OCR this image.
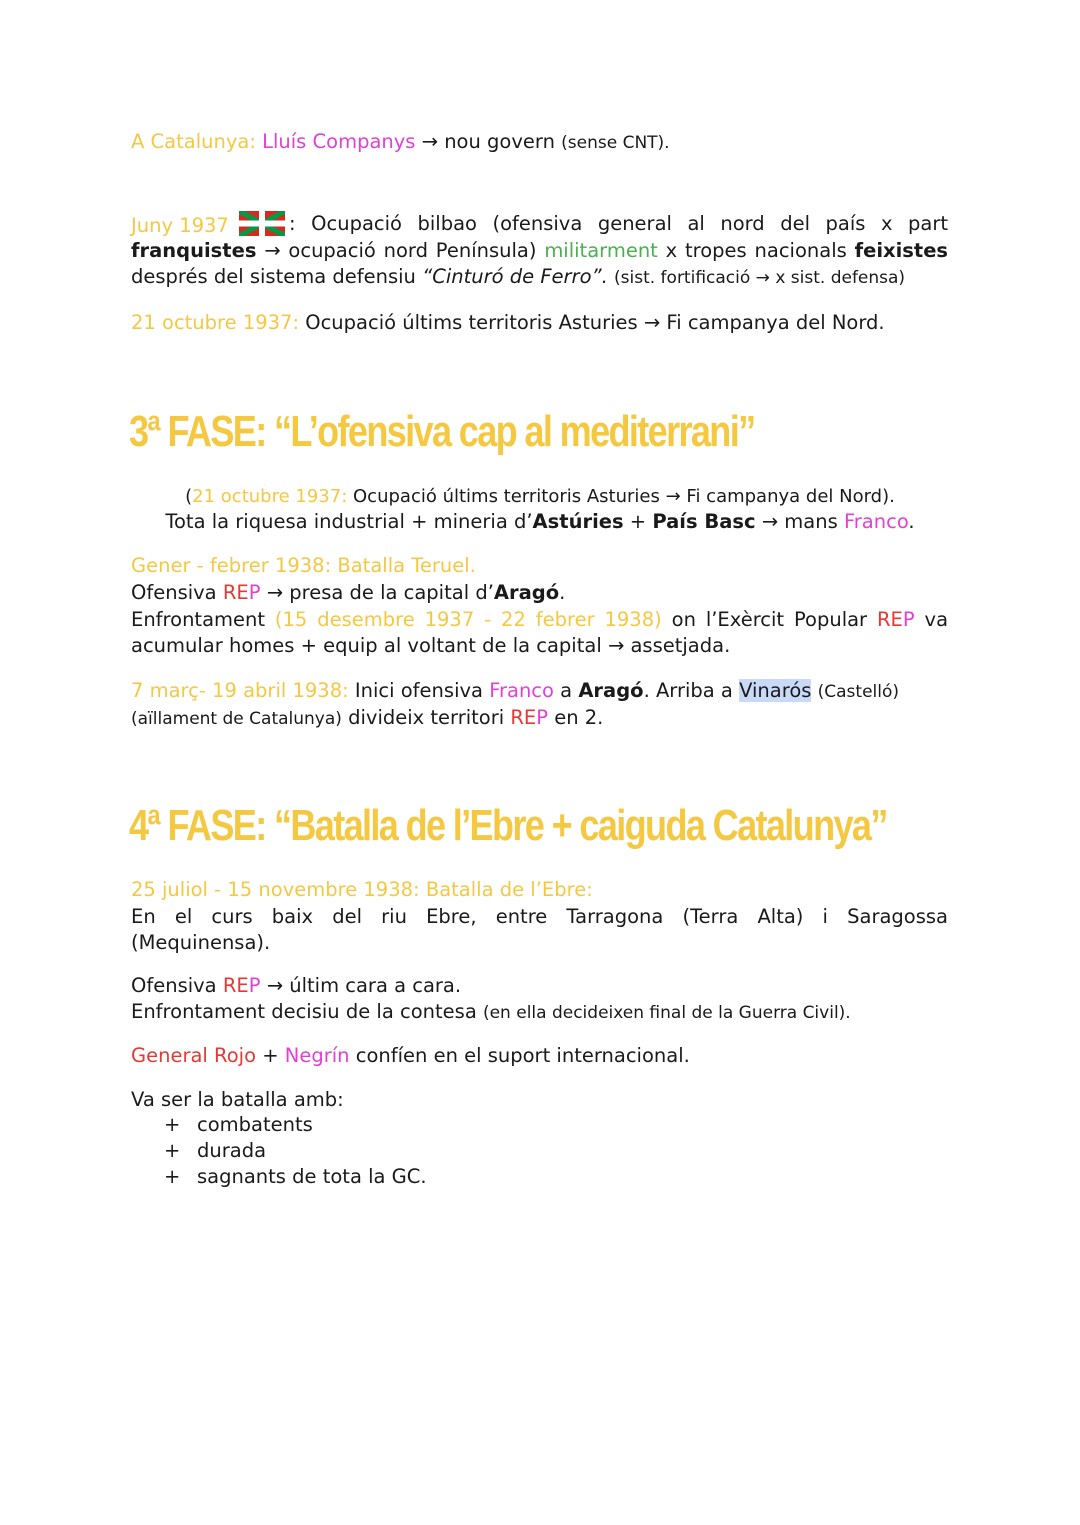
A Catalunya: Lluís Companys → nou govern (sense CNT).
Juny 1937	: Ocupació bilbao (ofensiva general al nord del país x part
franquistes → ocupació nord Península) militarment x tropes nacionals feixistes
després del sistema defensiu “Cinturó de Ferro”. (sist. fortificació → x sist. defensa)
21 octubre 1937: Ocupació últims territoris Asturies → Fi campanya del Nord.
3ª FASE: “L’ofensiva cap al mediterrani”
(21 octubre 1937: Ocupació últims territoris Asturies → Fi campanya del Nord).
Tota la riquesa industrial + mineria d’Astúries + País Basc → mans Franco.
Gener - febrer 1938: Batalla Teruel.
Ofensiva REP → presa de la capital d’Aragó.
Enfrontament (15 desembre 1937 - 22 febrer 1938) on l’Exèrcit Popular REP va
acumular homes + equip al voltant de la capital → assetjada.
7 març- 19 abril 1938: Inici ofensiva Franco a Aragó. Arriba a Vinarós (Castelló)
(aïllament de Catalunya) divideix territori REP en 2.
4ª FASE: “Batalla de l’Ebre + caiguda Catalunya”
25 juliol - 15 novembre 1938: Batalla de l’Ebre:
En el curs baix del riu Ebre, entre Tarragona (Terra Alta) i Saragossa
(Mequinensa).
Ofensiva REP → últim cara a cara.
Enfrontament decisiu de la contesa (en ella decideixen final de la Guerra Civil).
General Rojo + Negrín confíen en el suport internacional.
Va ser la batalla amb:
+ combatents
+ durada
+ sagnants de tota la GC.
